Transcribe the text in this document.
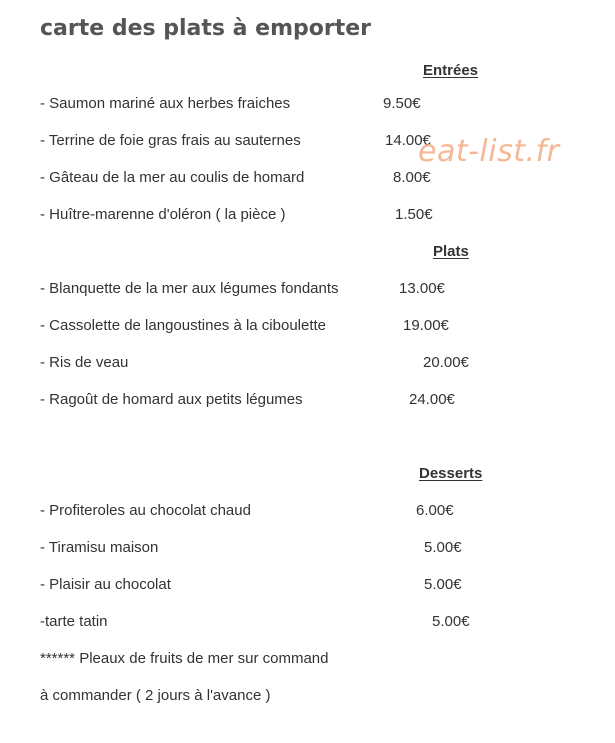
carte des plats à emporter
Entrées
- Saumon mariné aux herbes fraiches	9.50€
- Terrine de foie gras frais au sauternes	14.00€
- Gâteau de la mer au coulis de homard	8.00€
- Huître-marenne d'oléron ( la pièce )	1.50€
Plats
- Blanquette de la mer aux légumes fondants	13.00€
- Cassolette de langoustines à la ciboulette	19.00€
- Ris de veau	20.00€
- Ragoût de homard aux petits légumes	24.00€
Desserts
- Profiteroles au chocolat chaud	6.00€
- Tiramisu maison	5.00€
- Plaisir au chocolat	5.00€
-tarte tatin	5.00€
****** Pleaux de fruits de mer sur command
à commander ( 2 jours à l'avance )
eat-list.fr
